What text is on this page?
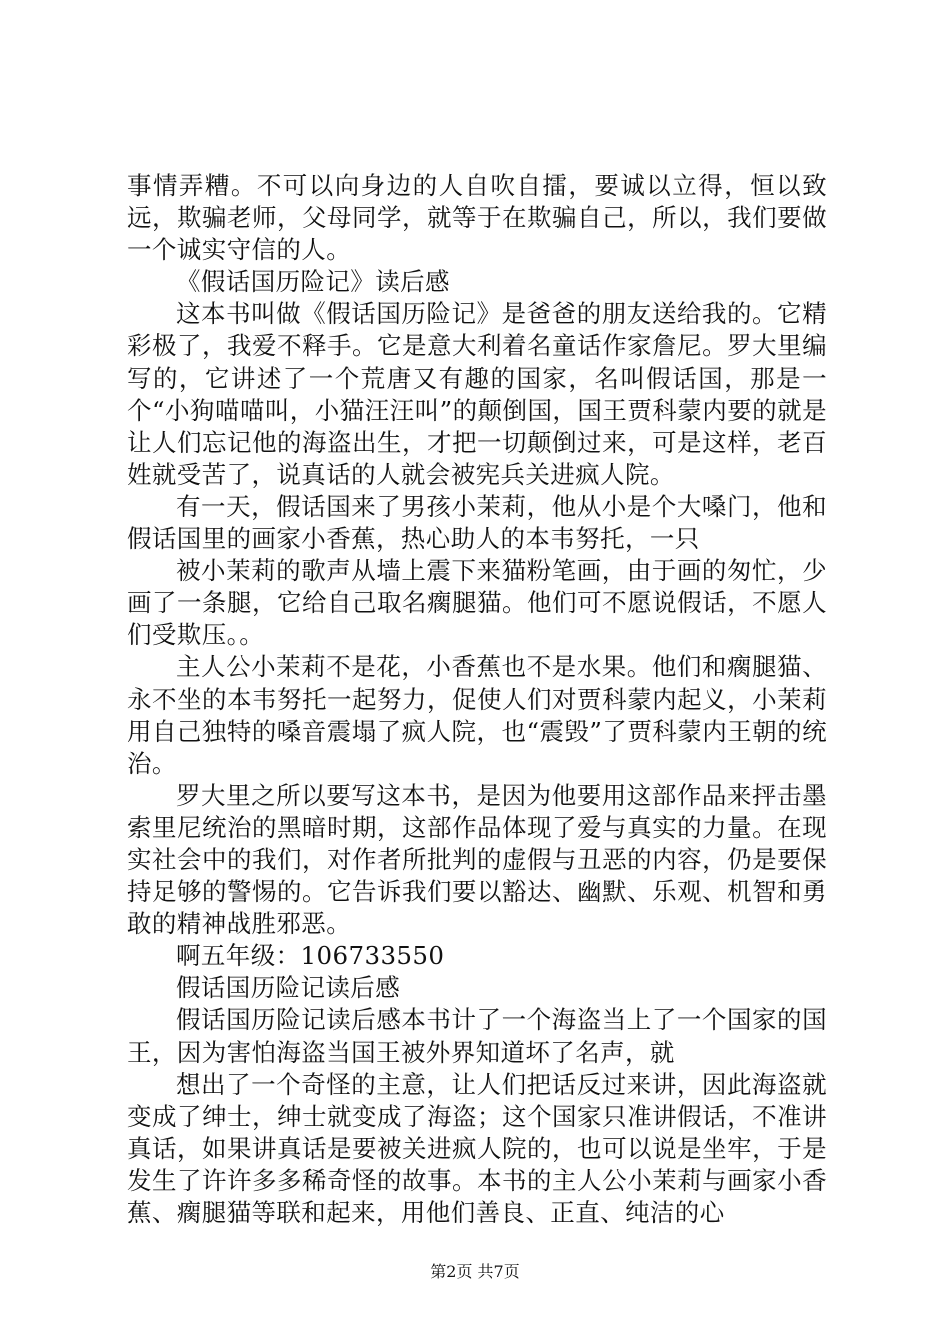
事情弄糟。不可以向身边的人自吹自擂，要诚以立得，恒以致远，欺骗老师，父母同学，就等于在欺骗自己，所以，我们要做一个诚实守信的人。

《假话国历险记》读后感

这本书叫做《假话国历险记》是爸爸的朋友送给我的。它精彩极了，我爱不释手。它是意大利着名童话作家詹尼。罗大里编写的，它讲述了一个荒唐又有趣的国家，名叫假话国，那是一个“小狗喵喵叫，小猫汪汪叫”的颠倒国，国王贾科蒙内要的就是让人们忘记他的海盗出生，才把一切颠倒过来，可是这样，老百姓就受苦了，说真话的人就会被宪兵关进疯人院。

有一天，假话国来了男孩小茉莉，他从小是个大嗓门，他和假话国里的画家小香蕉，热心助人的本韦努托，一只

被小茉莉的歌声从墙上震下来猫粉笔画，由于画的匆忙，少画了一条腿，它给自己取名瘸腿猫。他们可不愿说假话，不愿人们受欺压。。

主人公小茉莉不是花，小香蕉也不是水果。他们和瘸腿猫、永不坐的本韦努托一起努力，促使人们对贾科蒙内起义，小茉莉用自己独特的嗓音震塌了疯人院，也“震毁”了贾科蒙内王朝的统治。

罗大里之所以要写这本书，是因为他要用这部作品来抨击墨索里尼统治的黑暗时期，这部作品体现了爱与真实的力量。在现实社会中的我们，对作者所批判的虚假与丑恶的内容，仍是要保持足够的警惕的。它告诉我们要以豁达、幽默、乐观、机智和勇敢的精神战胜邪恶。

啊五年级：106733550

假话国历险记读后感

假话国历险记读后感本书计了一个海盗当上了一个国家的国王，因为害怕海盗当国王被外界知道坏了名声，就

想出了一个奇怪的主意，让人们把话反过来讲，因此海盗就变成了绅士，绅士就变成了海盗；这个国家只准讲假话，不准讲真话，如果讲真话是要被关进疯人院的，也可以说是坐牢，于是发生了许许多多稀奇怪的故事。本书的主人公小茉莉与画家小香蕉、瘸腿猫等联和起来，用他们善良、正直、纯洁的心

第2页 共7页
